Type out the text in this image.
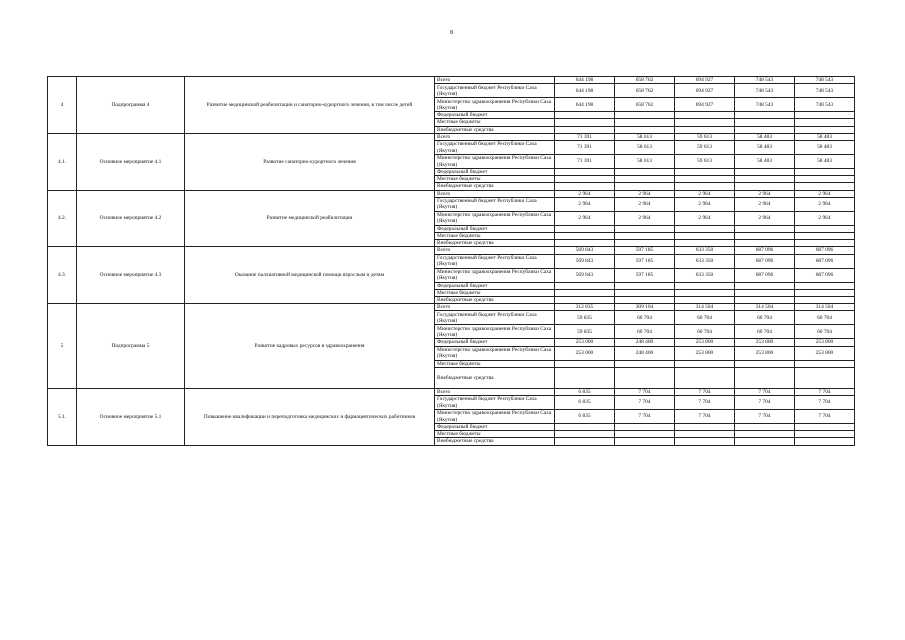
8
4	Подпрограмма 4	Развитие медицинской реабилитации и санаторно-курортного лечения, в том числе детей	Всего	644 198	658 762	694 927	748 543	748 543
			Государственный бюджет Республики Саха (Якутия)	644 198	658 762	694 927	748 543	748 543
			Министерство здравоохранения Республики Саха (Якутия)	644 198	658 762	694 927	748 543	748 543
			Федеральный бюджет					
			Местные бюджеты					
			Внебюджетные средства					
4.1.	Основное мероприятие 4.1	Развитие санаторно-курортного лечения	Всего	71 391	58 613	59 613	58 483	58 483
			Государственный бюджет Республики Саха (Якутия)	71 391	58 613	59 613	58 483	58 483
			Министерство здравоохранения Республики Саха (Якутия)	71 391	58 613	59 613	58 483	58 483
			Федеральный бюджет					
			Местные бюджеты					
			Внебюджетные средства					
4.2.	Основное мероприятие 4.2	Развитие медицинской реабилитации	Всего	2 964	2 964	2 964	2 964	2 964
			Государственный бюджет Республики Саха (Якутия)	2 964	2 964	2 964	2 964	2 964
			Министерство здравоохранения Республики Саха (Якутия)	2 964	2 964	2 964	2 964	2 964
			Федеральный бюджет					
			Местные бюджеты					
			Внебюджетные средства					
4.3.	Основное мероприятие 4.3	Оказание паллиативной медицинской помощи взрослым и детям	Всего	569 843	597 185	633 350	687 096	687 096
			Государственный бюджет Республики Саха (Якутия)	569 843	597 185	633 350	687 096	687 096
			Министерство здравоохранения Республики Саха (Якутия)	569 843	597 185	633 350	687 096	687 096
			Федеральный бюджет					
			Местные бюджеты					
			Внебюджетные средства					
5	Подпрограмма 5	Развитие кадровых ресурсов в здравоохранения	Всего	312 835	309 104	314 504	314 504	314 504
			Государственный бюджет Республики Саха (Якутия)	59 835	60 704	60 704	60 704	60 704
			Министерство здравоохранения Республики Саха (Якутия)	59 835	60 704	60 704	60 704	60 704
			Федеральный бюджет	253 000	248 400	253 800	253 800	253 800
			Министерство здравоохранения Республики Саха (Якутия)	253 000	248 400	253 800	253 800	253 800
			Местные бюджеты					
			Внебюджетные средства					
5.1.	Основное мероприятие 5.1	Повышение квалификации и переподготовка медицинских и фармацевтических работников	Всего	6 835	7 704	7 704	7 704	7 704
			Государственный бюджет Республики Саха (Якутия)	6 835	7 704	7 704	7 704	7 704
			Министерство здравоохранения Республики Саха (Якутия)	6 835	7 704	7 704	7 704	7 704
			Федеральный бюджет					
			Местные бюджеты					
			Внебюджетные средства					
